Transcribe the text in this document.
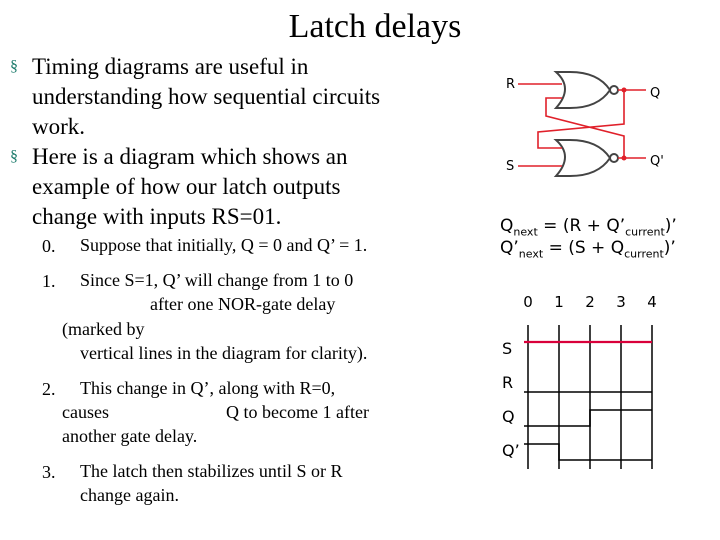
Latch delays
§ Timing diagrams are useful in
understanding how sequential circuits
work.
§ Here is a diagram which shows an
example of how our latch outputs
change with inputs RS=01.
0. Suppose that initially, Q = 0 and Q’ = 1.
1. Since S=1, Q’ will change from 1 to 0
after one NOR-gate delay
(marked by
vertical lines in the diagram for clarity).
2. This change in Q’, along with R=0,
causes	Q to become 1 after
another gate delay.
3. The latch then stabilizes until S or R
change again.
R
S
Q
Q'
$Q_{next} = (R$ + $Q’_{current}$)’
$Q’_{next} = (S + Q_{current})$’
0 1 2 3 4
S
R
Q
Q’
